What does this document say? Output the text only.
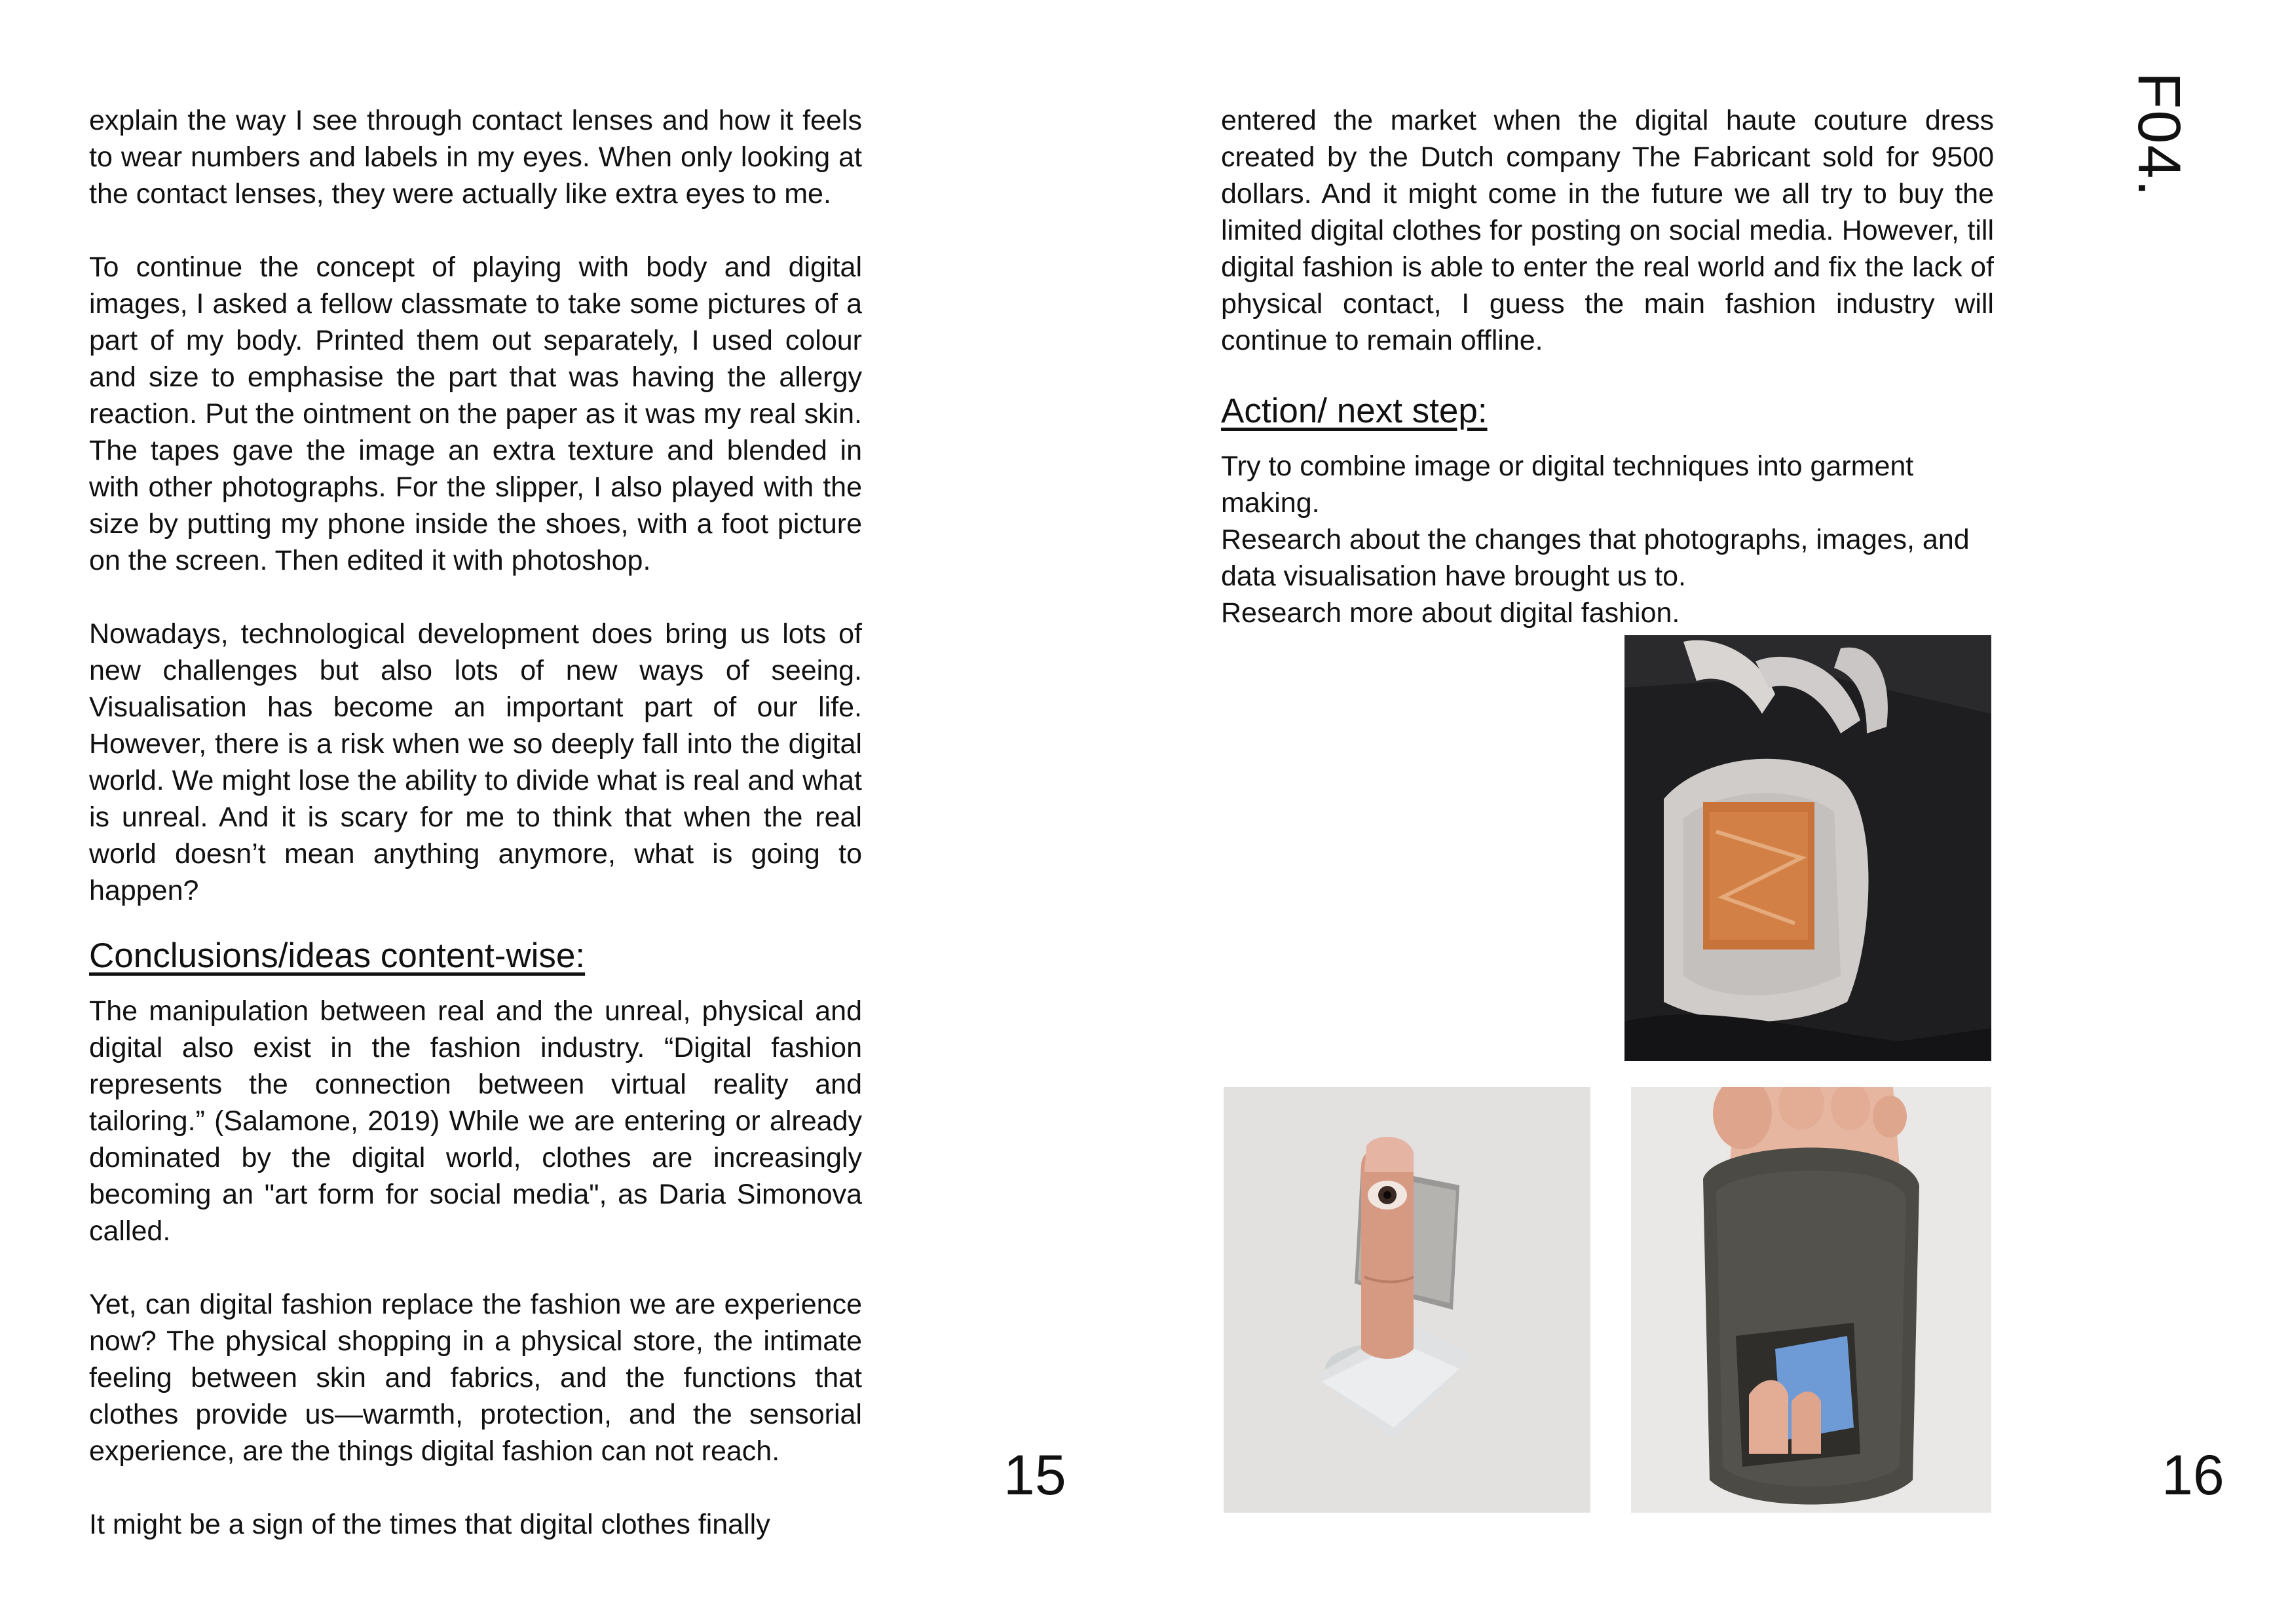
F04.

explain the way I see through contact lenses and how it feels to wear numbers and labels in my eyes. When only looking at the contact lenses, they were actually like extra eyes to me.

To continue the concept of playing with body and digital images, I asked a fellow classmate to take some pictures of a part of my body. Printed them out separately, I used colour and size to emphasise the part that was having the allergy reaction. Put the ointment on the paper as it was my real skin. The tapes gave the image an extra texture and blended in with other photographs. For the slipper, I also played with the size by putting my phone inside the shoes, with a foot picture on the screen. Then edited it with photoshop.

Nowadays, technological development does bring us lots of new challenges but also lots of new ways of seeing. Visualisation has become an important part of our life. However, there is a risk when we so deeply fall into the digital world. We might lose the ability to divide what is real and what is unreal. And it is scary for me to think that when the real world doesn’t mean anything anymore, what is going to happen?

Conclusions/ideas content-wise:

The manipulation between real and the unreal, physical and digital also exist in the fashion industry. “Digital fashion represents the connection between virtual reality and tailoring.” (Salamone, 2019) While we are entering or already dominated by the digital world, clothes are increasingly becoming an "art form for social media", as Daria Simonova called.

Yet, can digital fashion replace the fashion we are experience now? The physical shopping in a physical store, the intimate feeling between skin and fabrics, and the functions that clothes provide us—warmth, protection, and the sensorial experience, are the things digital fashion can not reach.

It might be a sign of the times that digital clothes finally

15

entered the market when the digital haute couture dress created by the Dutch company The Fabricant sold for 9500 dollars. And it might come in the future we all try to buy the limited digital clothes for posting on social media. However, till digital fashion is able to enter the real world and fix the lack of physical contact, I guess the main fashion industry will continue to remain offline.

Action/ next step:
Try to combine image or digital techniques into garment making.
Research about the changes that photographs, images, and data visualisation have brought us to.
Research more about digital fashion.
16
